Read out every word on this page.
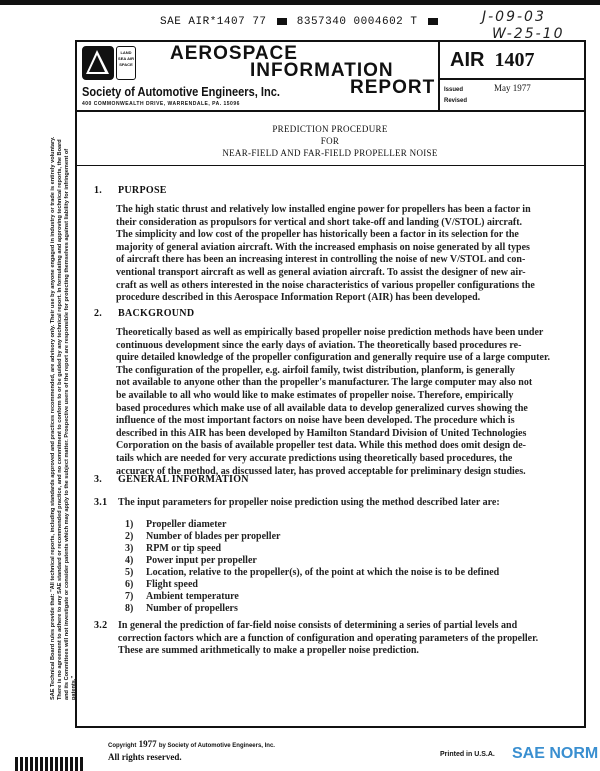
SAE AIR*1407 77	8357340 0004602 T	J-09-03
W-25-10
LAND SEA AIR SPACE
AEROSPACE
INFORMATION
REPORT
Society of Automotive Engineers, Inc.
400 COMMONWEALTH DRIVE, WARRENDALE, PA. 15096
AIR 1407
Issued	May 1977
Revised
PREDICTION PROCEDURE
FOR
NEAR-FIELD AND FAR-FIELD PROPELLER NOISE
1. PURPOSE
The high static thrust and relatively low installed engine power for propellers has been a factor in
their consideration as propulsors for vertical and short take-off and landing (V/STOL) aircraft.
The simplicity and low cost of the propeller has historically been a factor in its selection for the
majority of general aviation aircraft. With the increased emphasis on noise generated by all types
of aircraft there has been an increasing interest in controlling the noise of new V/STOL and con-
ventional transport aircraft as well as general aviation aircraft. To assist the designer of new air-
craft as well as others interested in the noise characteristics of various propeller configurations the
procedure described in this Aerospace Information Report (AIR) has been developed.
2. BACKGROUND
Theoretically based as well as empirically based propeller noise prediction methods have been under
continuous development since the early days of aviation. The theoretically based procedures re-
quire detailed knowledge of the propeller configuration and generally require use of a large computer.
The configuration of the propeller, e.g. airfoil family, twist distribution, planform, is generally
not available to anyone other than the propeller's manufacturer. The large computer may also not
be available to all who would like to make estimates of propeller noise. Therefore, empirically
based procedures which make use of all available data to develop generalized curves showing the
influence of the most important factors on noise have been developed. The procedure which is
described in this AIR has been developed by Hamilton Standard Division of United Technologies
Corporation on the basis of available propeller test data. While this method does omit design de-
tails which are needed for very accurate predictions using theoretically based procedures, the
accuracy of the method, as discussed later, has proved acceptable for preliminary design studies.
3. GENERAL INFORMATION
3.1 The input parameters for propeller noise prediction using the method described later are:
1) Propeller diameter
2) Number of blades per propeller
3) RPM or tip speed
4) Power input per propeller
5) Location, relative to the propeller(s), of the point at which the noise is to be defined
6) Flight speed
7) Ambient temperature
8) Number of propellers
3.2 In general the prediction of far-field noise consists of determining a series of partial levels and
correction factors which are a function of configuration and operating parameters of the propeller.
These are summed arithmetically to make a propeller noise prediction.
SAE Technical Board rules provide that: "All technical reports, including standards approved and practices recommended, are advisory only. Their use by anyone engaged in industry or trade is entirely voluntary. There is no agreement to adhere to any SAE standard or recommended practice, and no commitment to conform to or be guided by any technical report. In formulating and approving technical reports, the Board and its Committees will not investigate or consider patents which may apply to the subject matter. Prospective users of the report are responsible for protecting themselves against liability for infringement of patents."
Copyright 1977 by Society of Automotive Engineers, Inc.
All rights reserved.	Printed in U.S.A. SAE NORM
